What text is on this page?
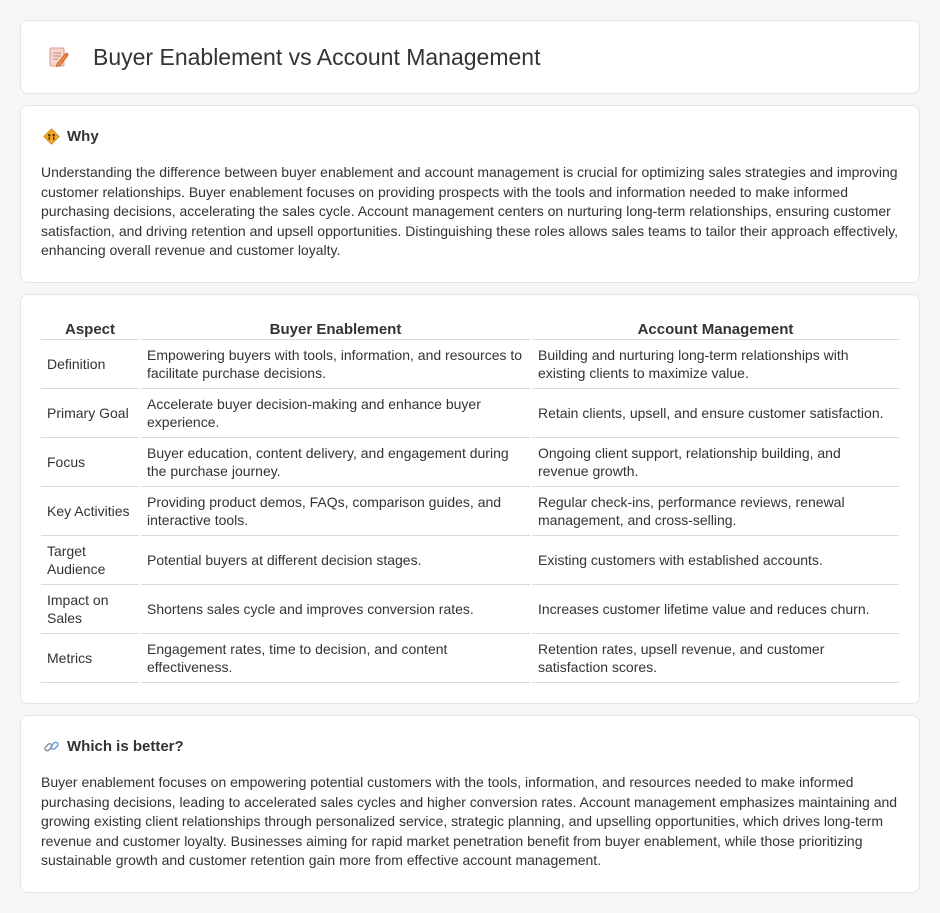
Buyer Enablement vs Account Management
Why

Understanding the difference between buyer enablement and account management is crucial for optimizing sales strategies and improving customer relationships. Buyer enablement focuses on providing prospects with the tools and information needed to make informed purchasing decisions, accelerating the sales cycle. Account management centers on nurturing long-term relationships, ensuring customer satisfaction, and driving retention and upsell opportunities. Distinguishing these roles allows sales teams to tailor their approach effectively, enhancing overall revenue and customer loyalty.

Aspect	Buyer Enablement	Account Management
Definition	Empowering buyers with tools, information, and resources to facilitate purchase decisions.	Building and nurturing long-term relationships with existing clients to maximize value.
Primary Goal	Accelerate buyer decision-making and enhance buyer experience.	Retain clients, upsell, and ensure customer satisfaction.
Focus	Buyer education, content delivery, and engagement during the purchase journey.	Ongoing client support, relationship building, and revenue growth.
Key Activities	Providing product demos, FAQs, comparison guides, and interactive tools.	Regular check-ins, performance reviews, renewal management, and cross-selling.
Target Audience	Potential buyers at different decision stages.	Existing customers with established accounts.
Impact on Sales	Shortens sales cycle and improves conversion rates.	Increases customer lifetime value and reduces churn.
Metrics	Engagement rates, time to decision, and content effectiveness.	Retention rates, upsell revenue, and customer satisfaction scores.
Which is better?

Buyer enablement focuses on empowering potential customers with the tools, information, and resources needed to make informed purchasing decisions, leading to accelerated sales cycles and higher conversion rates. Account management emphasizes maintaining and growing existing client relationships through personalized service, strategic planning, and upselling opportunities, which drives long-term revenue and customer loyalty. Businesses aiming for rapid market penetration benefit from buyer enablement, while those prioritizing sustainable growth and customer retention gain more from effective account management.
